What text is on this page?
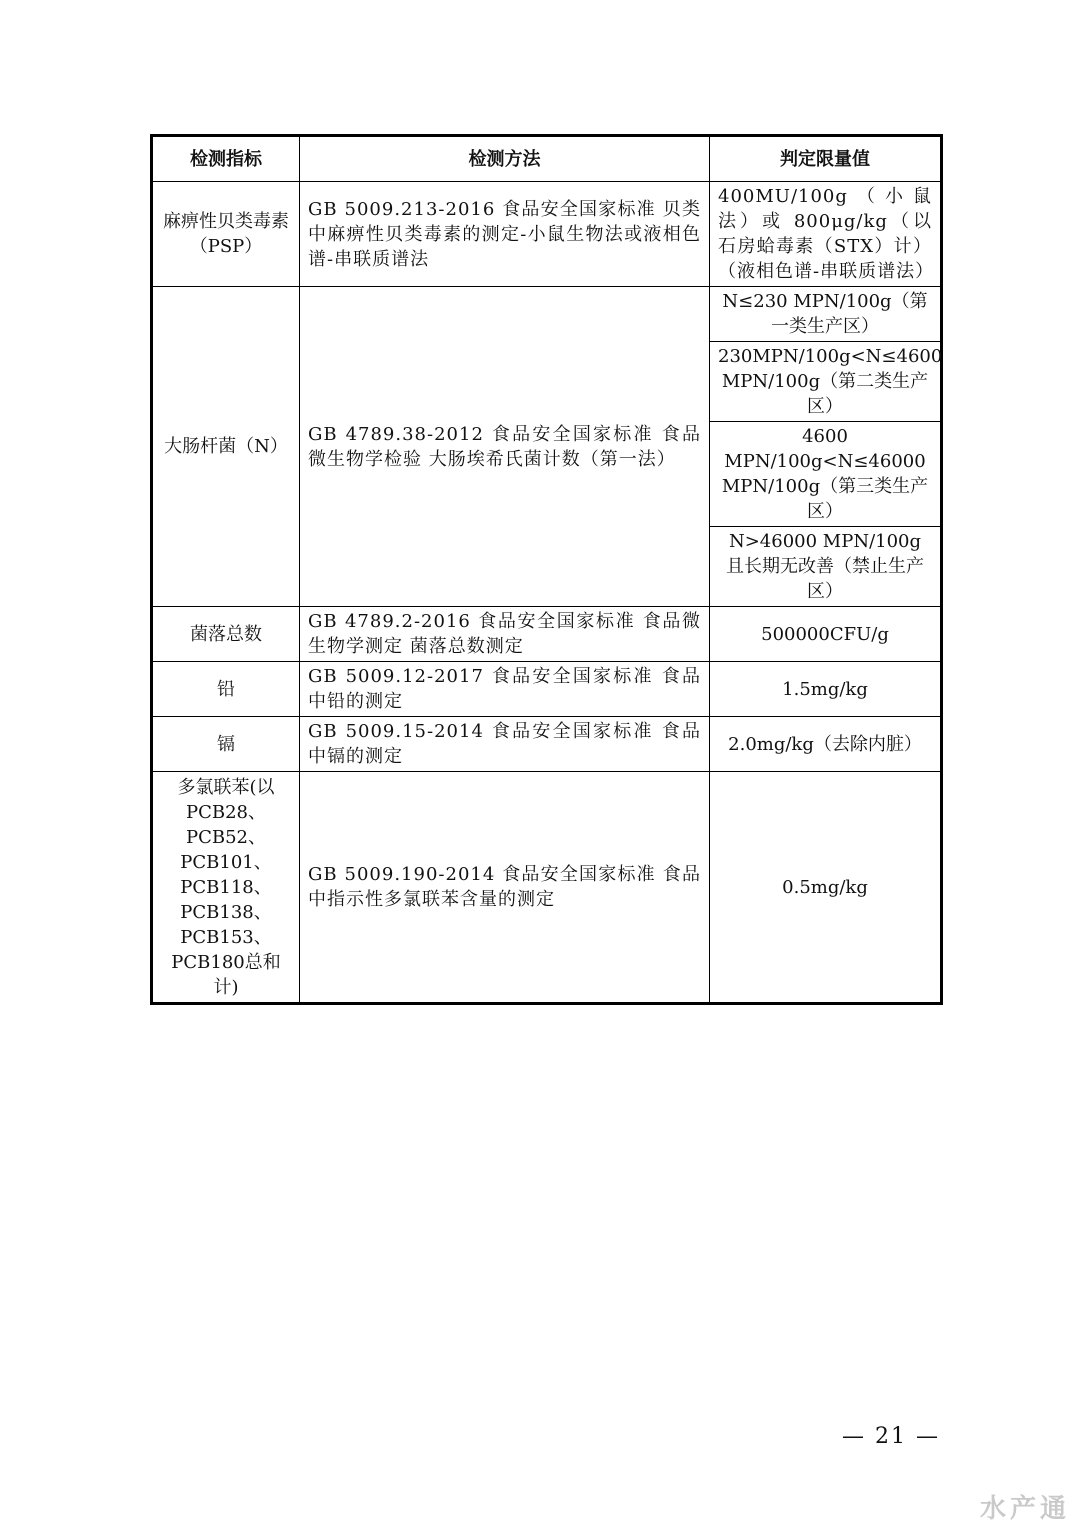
检测指标	检测方法	判定限量值
麻痹性贝类毒素（PSP）	GB 5009.213-2016 食品安全国家标准 贝类中麻痹性贝类毒素的测定-小鼠生物法或液相色谱-串联质谱法	400MU/100g（小鼠法）或 800μg/kg（以石房蛤毒素（STX）计）（液相色谱-串联质谱法）
大肠杆菌（N）	GB 4789.38-2012 食品安全国家标准 食品微生物学检验 大肠埃希氏菌计数（第一法）	N≤230 MPN/100g（第一类生产区）
		230MPN/100g<N≤4600 MPN/100g（第二类生产区）
		4600 MPN/100g<N≤46000 MPN/100g（第三类生产区）
		N>46000 MPN/100g 且长期无改善（禁止生产区）
菌落总数	GB 4789.2-2016 食品安全国家标准 食品微生物学测定 菌落总数测定	500000CFU/g
铅	GB 5009.12-2017 食品安全国家标准 食品中铅的测定	1.5mg/kg
镉	GB 5009.15-2014 食品安全国家标准 食品中镉的测定	2.0mg/kg（去除内脏）
多氯联苯(以PCB28、PCB52、PCB101、PCB118、PCB138、PCB153、PCB180总和计)	GB 5009.190-2014 食品安全国家标准 食品中指示性多氯联苯含量的测定	0.5mg/kg
— 21 —
水产通
